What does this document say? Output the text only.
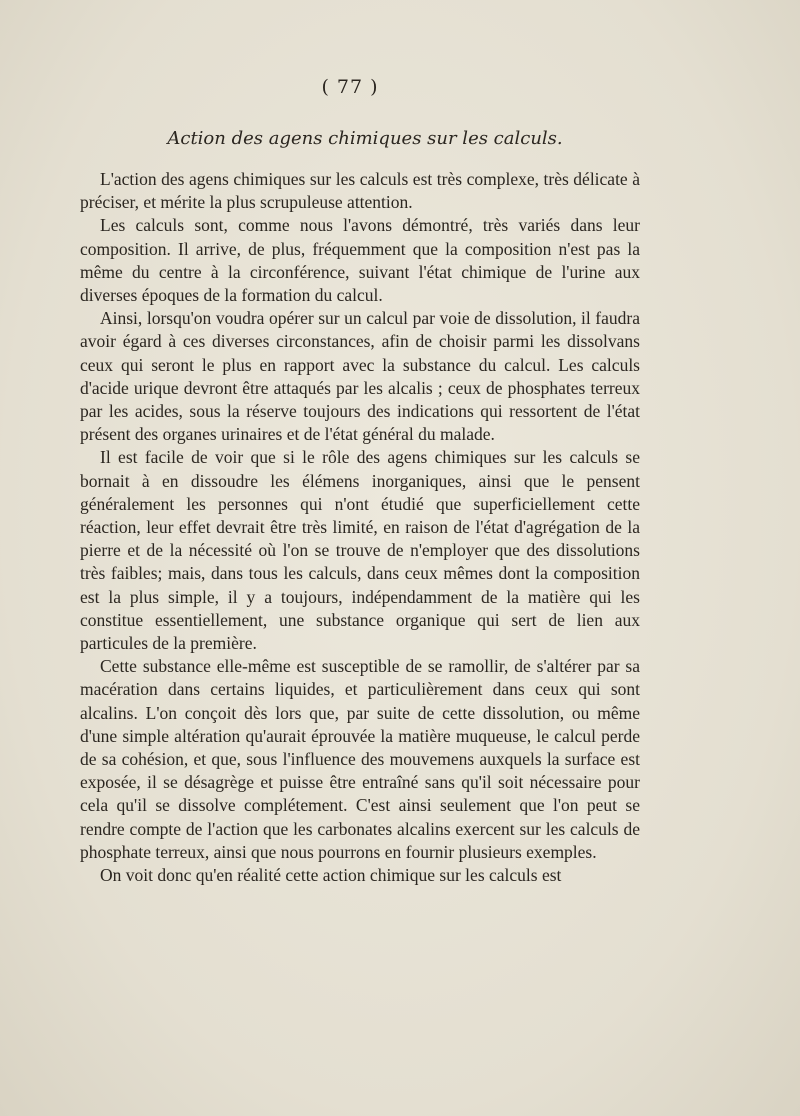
( 77 )
Action des agens chimiques sur les calculs.

L'action des agens chimiques sur les calculs est très complexe, très délicate à préciser, et mérite la plus scrupuleuse attention.

Les calculs sont, comme nous l'avons démontré, très variés dans leur composition. Il arrive, de plus, fréquemment que la composition n'est pas la même du centre à la circonférence, suivant l'état chimique de l'urine aux diverses époques de la formation du calcul.

Ainsi, lorsqu'on voudra opérer sur un calcul par voie de dissolution, il faudra avoir égard à ces diverses circonstances, afin de choisir parmi les dissolvans ceux qui seront le plus en rapport avec la substance du calcul. Les calculs d'acide urique devront être attaqués par les alcalis ; ceux de phosphates terreux par les acides, sous la réserve toujours des indications qui ressortent de l'état présent des organes urinaires et de l'état général du malade.

Il est facile de voir que si le rôle des agens chimiques sur les calculs se bornait à en dissoudre les élémens inorganiques, ainsi que le pensent généralement les personnes qui n'ont étudié que superficiellement cette réaction, leur effet devrait être très limité, en raison de l'état d'agrégation de la pierre et de la nécessité où l'on se trouve de n'employer que des dissolutions très faibles; mais, dans tous les calculs, dans ceux mêmes dont la composition est la plus simple, il y a toujours, indépendamment de la matière qui les constitue essentiellement, une substance organique qui sert de lien aux particules de la première.

Cette substance elle-même est susceptible de se ramollir, de s'altérer par sa macération dans certains liquides, et particulièrement dans ceux qui sont alcalins. L'on conçoit dès lors que, par suite de cette dissolution, ou même d'une simple altération qu'aurait éprouvée la matière muqueuse, le calcul perde de sa cohésion, et que, sous l'influence des mouvemens auxquels la surface est exposée, il se désagrège et puisse être entraîné sans qu'il soit nécessaire pour cela qu'il se dissolve complétement. C'est ainsi seulement que l'on peut se rendre compte de l'action que les carbonates alcalins exercent sur les calculs de phosphate terreux, ainsi que nous pourrons en fournir plusieurs exemples.

On voit donc qu'en réalité cette action chimique sur les calculs est
